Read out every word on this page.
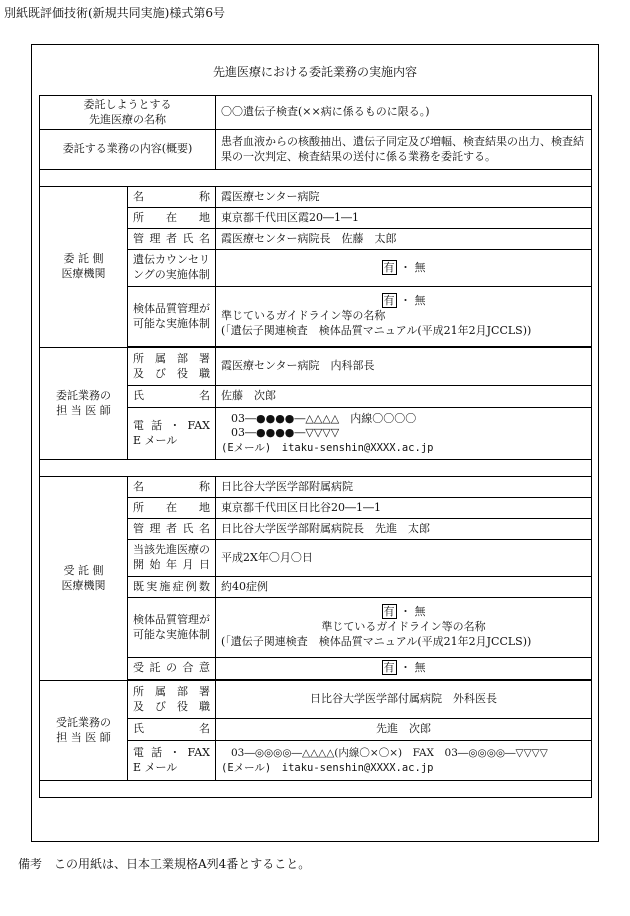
別紙既評価技術(新規共同実施)様式第6号
先進医療における委託業務の実施内容
委託しようとする
先進医療の名称		〇〇遺伝子検査(××病に係るものに限る。)
委託する業務の内容(概要)		患者血液からの核酸抽出、遺伝子同定及び増幅、検査結果の出力、検査結果の一次判定、検査結果の送付に係る業務を委託する。

委 託 側
医療機関	名 称	霞医療センター病院
	所 在 地	東京都千代田区霞20―1―1
	管理者氏名	霞医療センター病院長　佐藤　太郎

	遺伝カウンセリ
ングの実施体制	有 ・ 無

	検体品質管理が
可能な実施体制	有 ・ 無
準じているガイドライン等の名称
(「遺伝子関連検査　検体品質マニュアル(平成21年2月JCCLS))

委託業務の
担 当 医 師	所 属 部 署
及 び 役 職	霞医療センター病院　内科部長
	氏 名	佐藤　次郎

	電話・FAX
E メール	03―●●●●―△△△△　内線〇〇〇〇
03―●●●●―▽▽▽▽
(Eメール)　itaku-senshin@XXXX.ac.jp

受 託 側
医療機関	名 称	日比谷大学医学部附属病院
	所 在 地	東京都千代田区日比谷20―1―1
	管理者氏名	日比谷大学医学部附属病院長　先進　太郎

	当該先進医療の
開始年月日	平成2X年〇月〇日
	既実施症例数	約40症例

	検体品質管理が
可能な実施体制	有 ・ 無
準じているガイドライン等の名称
(「遺伝子関連検査　検体品質マニュアル(平成21年2月JCCLS))

	受託の合意	有 ・ 無

受託業務の
担 当 医 師	所 属 部 署
及 び 役 職	日比谷大学医学部付属病院　外科医長
	氏 名	先進　次郎

	電話・FAX
E メール	03―◎◎◎◎―△△△△(内線〇×〇×)　FAX　03―◎◎◎◎―▽▽▽▽
(Eメール)　itaku-senshin@XXXX.ac.jp

備考　この用紙は、日本工業規格A列4番とすること。
